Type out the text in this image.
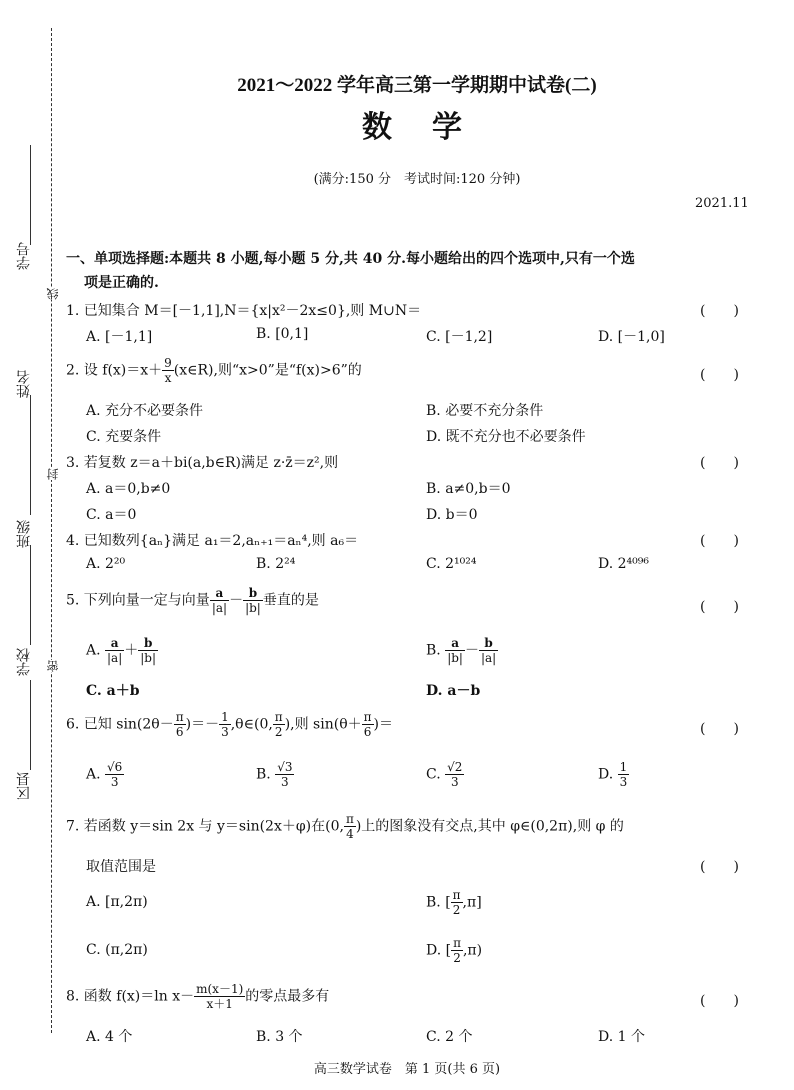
学号
姓名
班级
学校
区县
线
封
密
2021～2022 学年高三第一学期期中试卷(二)
数学
(满分:150 分　考试时间:120 分钟)
2021.11
一、单项选择题:本题共 8 小题,每小题 5 分,共 40 分.每小题给出的四个选项中,只有一个选
项是正确的.
1. 已知集合 M＝[－1,1],N＝{x|x²－2x≤0},则 M∪N＝	(　　)
A. [－1,1]	B. [0,1]	C. [－1,2]	D. [－1,0]
2. 设 $f(x)=x+ \frac{9}{x}$ (x∈R),则“x>0”是“f(x)>6”的	(　　)
A. 充分不必要条件	B. 必要不充分条件
C. 充要条件	D. 既不充分也不必要条件
3. 若复数 z＝a＋bi(a,b∈R)满足 z·z̄＝z²,则	(　　)
A. a＝0,b≠0	B. a≠0,b＝0
C. a＝0	D. b＝0
4. 已知数列{aₙ}满足 a₁＝2,aₙ₊₁＝aₙ⁴,则 a₆＝	(　　)
A. 2²⁰	B. 2²⁴	C. 2¹⁰²⁴	D. 2⁴⁰⁹⁶
5. 下列向量一定与向量 $\frac{a}{|a|} - \frac{b}{|b|}$ 垂直的是	(　　)
A. $\frac{a}{|a|} + \frac{b}{|b|}$	B. $\frac{a}{|b|} - \frac{b}{|a|}$
C. a＋b	D. a－b
6. 已知 $\sin(2\theta- \frac{\pi}{6}$ )＝－ $\frac{1}{3}$ ,θ∈(0, $\frac{\pi}{2}$ ),则 $\sin(\theta+ \frac{\pi}{6}$ )＝	(　　)
A. $\frac{√6}{3}$	B. $\frac{√3}{3}$	C. $\frac{√2}{3}$	D. $\frac{1}{3}$
7. 若函数 y＝sin 2x 与 y＝sin(2x＋φ)在(0, $\frac{\pi}{4}$ )上的图象没有交点,其中 φ∈(0,2π),则 φ 的
取值范围是	(　　)
A. [π,2π)	B. [ $\frac{\pi}{2} ,\pi$]
C. (π,2π)	D. [ $\frac{\pi}{2} ,\pi$)
8. 函数 f(x)＝ln $x- \frac{m(x-1)}{x+1}$ 的零点最多有	(　　)
A. 4 个	B. 3 个	C. 2 个	D. 1 个
高三数学试卷　第 1 页(共 6 页)
